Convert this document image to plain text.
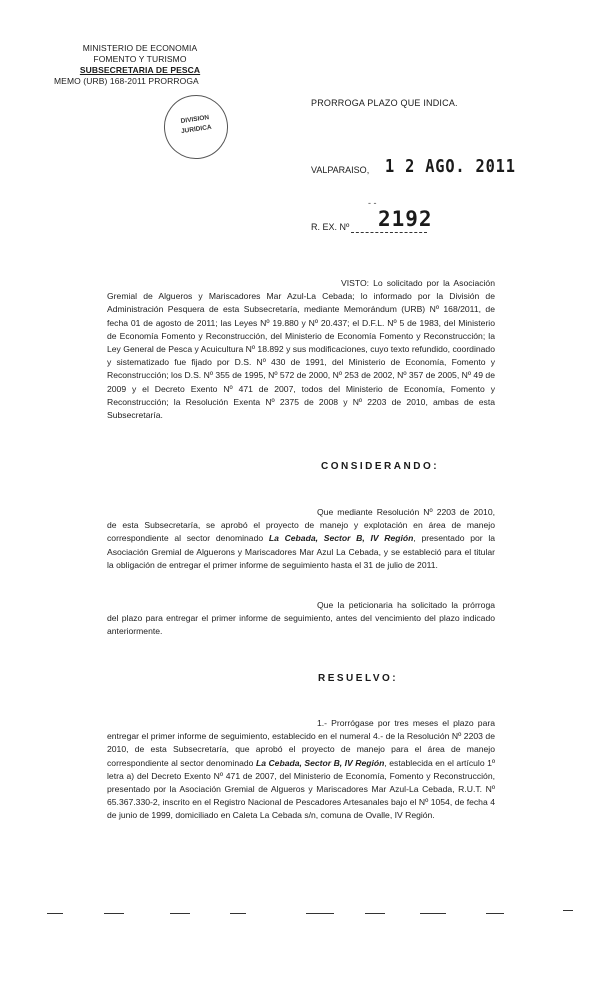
MINISTERIO DE ECONOMIA
FOMENTO Y TURISMO
SUBSECRETARIA DE PESCA
MEMO (URB) 168-2011 PRORROGA
DIVISION
JURIDICA
PRORROGA PLAZO QUE INDICA.
VALPARAISO, 1 2 AGO. 2011
- -
R. EX. Nº 2192
VISTO: Lo solicitado por la Asociación Gremial de Algueros y Mariscadores Mar Azul-La Cebada; lo informado por la División de Administración Pesquera de esta Subsecretaría, mediante Memorándum (URB) Nº 168/2011, de fecha 01 de agosto de 2011; las Leyes Nº 19.880 y Nº 20.437; el D.F.L. Nº 5 de 1983, del Ministerio de Economía Fomento y Reconstrucción, del Ministerio de Economía Fomento y Reconstrucción; la Ley General de Pesca y Acuicultura Nº 18.892 y sus modificaciones, cuyo texto refundido, coordinado y sistematizado fue fijado por D.S. Nº 430 de 1991, del Ministerio de Economía, Fomento y Reconstrucción; los D.S. Nº 355 de 1995, Nº 572 de 2000, Nº 253 de 2002, Nº 357 de 2005, Nº 49 de 2009 y el Decreto Exento Nº 471 de 2007, todos del Ministerio de Economía, Fomento y Reconstrucción; la Resolución Exenta Nº 2375 de 2008 y Nº 2203 de 2010, ambas de esta Subsecretaría.
CONSIDERANDO:
Que mediante Resolución Nº 2203 de 2010, de esta Subsecretaría, se aprobó el proyecto de manejo y explotación en área de manejo correspondiente al sector denominado La Cebada, Sector B, IV Región, presentado por la Asociación Gremial de Alguerons y Mariscadores Mar Azul La Cebada, y se estableció para el titular la obligación de entregar el primer informe de seguimiento hasta el 31 de julio de 2011.
Que la peticionaria ha solicitado la prórroga del plazo para entregar el primer informe de seguimiento, antes del vencimiento del plazo indicado anteriormente.
RESUELVO:
1.- Prorrógase por tres meses el plazo para entregar el primer informe de seguimiento, establecido en el numeral 4.- de la Resolución Nº 2203 de 2010, de esta Subsecretaría, que aprobó el proyecto de manejo para el área de manejo correspondiente al sector denominado La Cebada, Sector B, IV Región, establecida en el artículo 1º letra a) del Decreto Exento Nº 471 de 2007, del Ministerio de Economía, Fomento y Reconstrucción, presentado por la Asociación Gremial de Algueros y Mariscadores Mar Azul-La Cebada, R.U.T. Nº 65.367.330-2, inscrito en el Registro Nacional de Pescadores Artesanales bajo el Nº 1054, de fecha 4 de junio de 1999, domiciliado en Caleta La Cebada s/n, comuna de Ovalle, IV Región.
